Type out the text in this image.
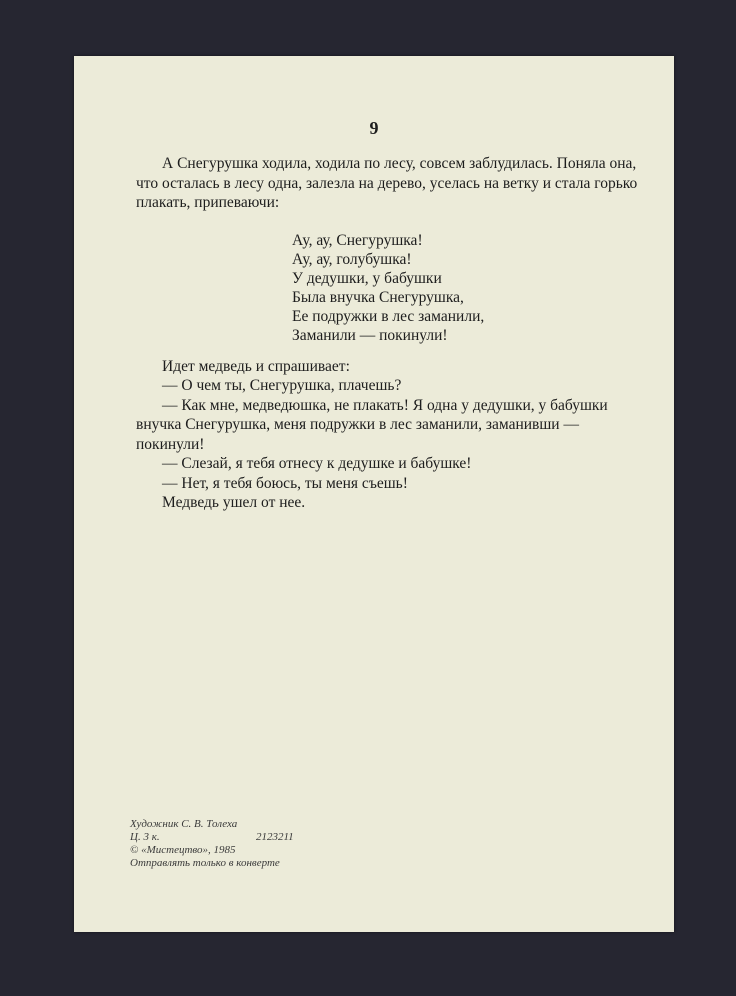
9

А Снегурушка ходила, ходила по лесу, совсем заблудилась. Поняла она, что осталась в лесу одна, залезла на дерево, уселась на ветку и стала горько плакать, припеваючи:

Ау, ау, Снегурушка!
Ау, ау, голубушка!
У дедушки, у бабушки
Была внучка Снегурушка,
Ее подружки в лес заманили,
Заманили — покинули!

Идет медведь и спрашивает:

— О чем ты, Снегурушка, плачешь?

— Как мне, медведюшка, не плакать! Я одна у дедушки, у бабушки внучка Снегурушка, меня подружки в лес заманили, заманивши — покинули!

— Слезай, я тебя отнесу к дедушке и бабушке!

— Нет, я тебя боюсь, ты меня съешь!

Медведь ушел от нее.

Художник С. В. Толеха
Ц. 3 к.	2123211
© «Мистецтво», 1985
Отправлять только в конверте
